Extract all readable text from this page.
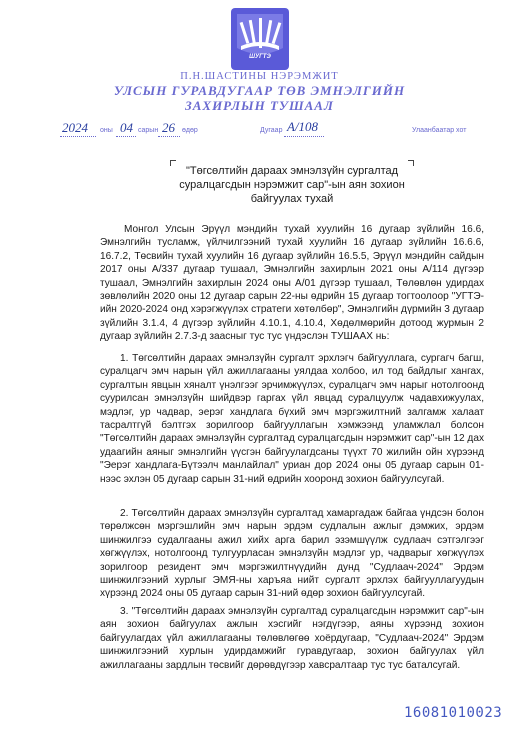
ШУГТЭ
П.Н.ШАСТИНЫ НЭРЭМЖИТ
УЛСЫН ГУРАВДУГААР ТӨВ ЭМНЭЛГИЙН
ЗАХИРЛЫН ТУШААЛ
2024 оны 04 сарын 26 өдөр	Дугаар А/108	Улаанбаатар хот
"Төгсөлтийн дараах эмнэлзүйн сургалтад суралцагсдын нэрэмжит сар"-ын аян зохион байгуулах тухай

Монгол Улсын Эрүүл мэндийн тухай хуулийн 16 дугаар зүйлийн 16.6, Эмнэлгийн тусламж, үйлчилгээний тухай хуулийн 16 дугаар зүйлийн 16.6.6, 16.7.2, Төсвийн тухай хуулийн 16 дугаар зүйлийн 16.5.5, Эрүүл мэндийн сайдын 2017 оны А/337 дугаар тушаал, Эмнэлгийн захирлын 2021 оны А/114 дүгээр тушаал, Эмнэлгийн захирлын 2024 оны А/01 дүгээр тушаал, Төлөвлөн удирдах зөвлөлийн 2020 оны 12 дугаар сарын 22-ны өдрийн 15 дугаар тогтоолоор "УГТЭ-ийн 2020-2024 онд хэрэгжүүлэх стратеги хөтөлбөр", Эмнэлгийн дүрмийн 3 дугаар зүйлийн 3.1.4, 4 дүгээр зүйлийн 4.10.1, 4.10.4, Хөдөлмөрийн дотоод журмын 2 дугаар зүйлийн 2.7.3-д заасныг тус тус үндэслэн ТУШААХ нь:

1. Төгсөлтийн дараах эмнэлзүйн сургалт эрхлэгч байгууллага, сургагч багш, суралцагч эмч нарын үйл ажиллагааны уялдаа холбоо, ил тод байдлыг хангах, сургалтын явцын хяналт үнэлгээг эрчимжүүлэх, суралцагч эмч нарыг нотолгоонд суурилсан эмнэлзүйн шийдвэр гаргах үйл явцад суралцуулж чадавхижуулах, мэдлэг, ур чадвар, эерэг хандлага бүхий эмч мэргэжилтний залгамж халаат тасралтгүй бэлтгэх зорилгоор байгууллагын хэмжээнд уламжлал болсон "Төгсөлтийн дараах эмнэлзүйн сургалтад суралцагсдын нэрэмжит сар"-ын 12 дах удаагийн аяныг эмнэлгийн үүсгэн байгуулагдсаны түүхт 70 жилийн ойн хүрээнд "Эерэг хандлага-Бүтээлч манлайлал" уриан дор 2024 оны 05 дугаар сарын 01-нээс эхлэн 05 дугаар сарын 31-ний өдрийн хооронд зохион байгуулсугай.

2. Төгсөлтийн дараах эмнэлзүйн сургалтад хамаргадаж байгаа үндсэн болон төрөлжсөн мэргэшлийн эмч нарын эрдэм судлалын ажлыг дэмжих, эрдэм шинжилгээ судалгааны ажил хийх арга барил эзэмшүүлж судлаач сэтгэлгээг хөгжүүлэх, нотолгоонд тулгуурласан эмнэлзүйн мэдлэг ур, чадварыг хөгжүүлэх зорилгоор резидент эмч мэргэжилтнүүдийн дунд "Судлаач-2024" Эрдэм шинжилгээний хурлыг ЭМЯ-ны харъяа нийт сургалт эрхлэх байгууллагуудын хүрээнд 2024 оны 05 дугаар сарын 31-ний өдөр зохион байгуулсугай.

3. "Төгсөлтийн дараах эмнэлзүйн сургалтад суралцагсдын нэрэмжит сар"-ын аян зохион байгуулах ажлын хэсгийг нэгдүгээр, аяны хүрээнд зохион байгуулагдах үйл ажиллагааны төлөвлөгөө хоёрдугаар, "Судлаач-2024" Эрдэм шинжилгээний хурлын удирдамжийг гуравдугаар, зохион байгуулах үйл ажиллагааны зардлын төсвийг дөрөвдүгээр хавсралтаар тус тус баталсугай.

16081010023
